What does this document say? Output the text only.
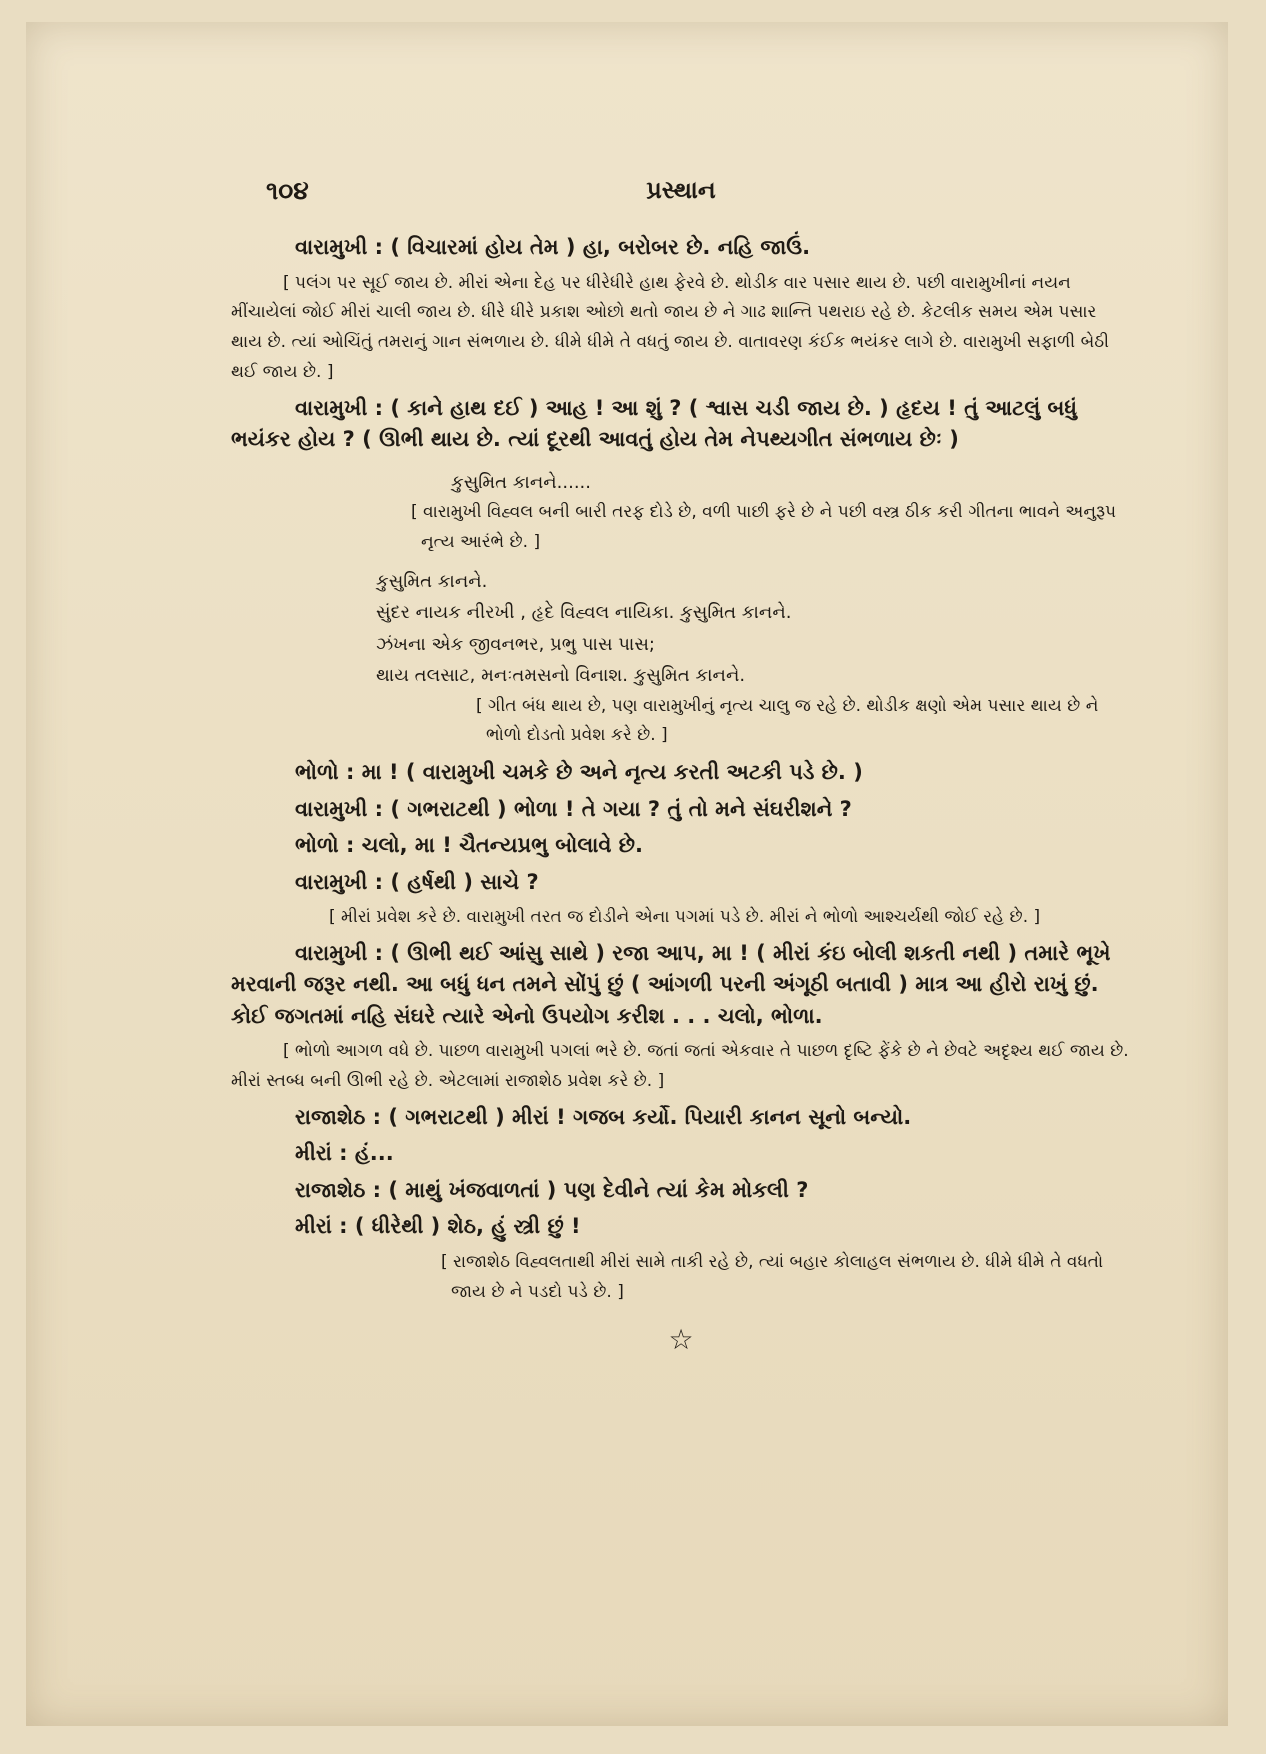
૧૦૪	પ્રસ્થાન
વારામુખી : ( વિચારમાં હોય તેમ ) હા, બરોબર છે. નહિ જાઉં.
[ પલંગ પર સૂઈ જાય છે. મીરાં એના દેહ પર ધીરેધીરે હાથ ફેરવે છે. થોડીક વાર પસાર થાય છે. પછી વારામુખીનાં નયન મીંચાયેલાં જોઈ મીરાં ચાલી જાય છે. ધીરે ધીરે પ્રકાશ ઓછો થતો જાય છે ને ગાઢ શાન્તિ પથરાઇ રહે છે. કેટલીક સમય એમ પસાર થાય છે. ત્યાં ઓચિંતું તમરાનું ગાન સંભળાય છે. ધીમે ધીમે તે વધતું જાય છે. વાતાવરણ કંઈક ભયંકર લાગે છે. વારામુખી સફાળી બેઠી થઈ જાય છે. ]
વારામુખી : ( કાને હાથ દઈ ) આહ ! આ શું ? ( શ્વાસ ચડી જાય છે. ) હૃદય ! તું આટલું બધું ભયંકર હોય ? ( ઊભી થાય છે. ત્યાં દૂરથી આવતું હોય તેમ નેપથ્યગીત સંભળાય છેઃ )
કુસુમિત કાનને......
[ વારામુખી વિહ્વલ બની બારી તરફ દોડે છે, વળી પાછી ફરે છે ને પછી વસ્ત્ર ઠીક કરી ગીતના ભાવને અનુરૂપ નૃત્ય આરંભે છે. ]
કુસુમિત કાનને.
સુંદર નાયક નીરખી , હૃદે વિહ્વલ નાયિકા. કુસુમિત કાનને.
ઝંખના એક જીવનભર, પ્રભુ પાસ પાસ;
થાય તલસાટ, મનઃતમસનો વિનાશ. કુસુમિત કાનને.
[ ગીત બંધ થાય છે, પણ વારામુખીનું નૃત્ય ચાલુ જ રહે છે. થોડીક ક્ષણો એમ પસાર થાય છે ને ભોળો દોડતો પ્રવેશ કરે છે. ]
ભોળો : મા ! ( વારામુખી ચમકે છે અને નૃત્ય કરતી અટકી પડે છે. )
વારામુખી : ( ગભરાટથી ) ભોળા ! તે ગયા ? તું તો મને સંઘરીશને ?
ભોળો : ચલો, મા ! ચૈતન્યપ્રભુ બોલાવે છે.
વારામુખી : ( હર્ષથી ) સાચે ?
[ મીરાં પ્રવેશ કરે છે. વારામુખી તરત જ દોડીને એના પગમાં પડે છે. મીરાં ને ભોળો આશ્ચર્યથી જોઈ રહે છે. ]
વારામુખી : ( ઊભી થઈ આંસુ સાથે ) રજા આપ, મા ! ( મીરાં કંઇ બોલી શકતી નથી ) તમારે ભૂખે મરવાની જરૂર નથી. આ બધું ધન તમને સોંપું છું ( આંગળી પરની અંગૂઠી બતાવી ) માત્ર આ હીરો રાખું છું. કોઈ જગતમાં નહિ સંઘરે ત્યારે એનો ઉપયોગ કરીશ . . . ચલો, ભોળા.
[ ભોળો આગળ વધે છે. પાછળ વારામુખી પગલાં ભરે છે. જતાં જતાં એકવાર તે પાછળ દૃષ્ટિ ફેંકે છે ને છેવટે અદૃશ્ય થઈ જાય છે. મીરાં સ્તબ્ધ બની ઊભી રહે છે. એટલામાં રાજાશેઠ પ્રવેશ કરે છે. ]
રાજાશેઠ : ( ગભરાટથી ) મીરાં ! ગજબ કર્યો. પિયારી કાનન સૂનો બન્યો.
મીરાં : હં...
રાજાશેઠ : ( માથું ખંજવાળતાં ) પણ દેવીને ત્યાં કેમ મોકલી ?
મીરાં : ( ધીરેથી ) શેઠ, હું સ્ત્રી છું !
[ રાજાશેઠ વિહ્વલતાથી મીરાં સામે તાકી રહે છે, ત્યાં બહાર કોલાહલ સંભળાય છે. ધીમે ધીમે તે વધતો જાય છે ને પડદો પડે છે. ]
☆
